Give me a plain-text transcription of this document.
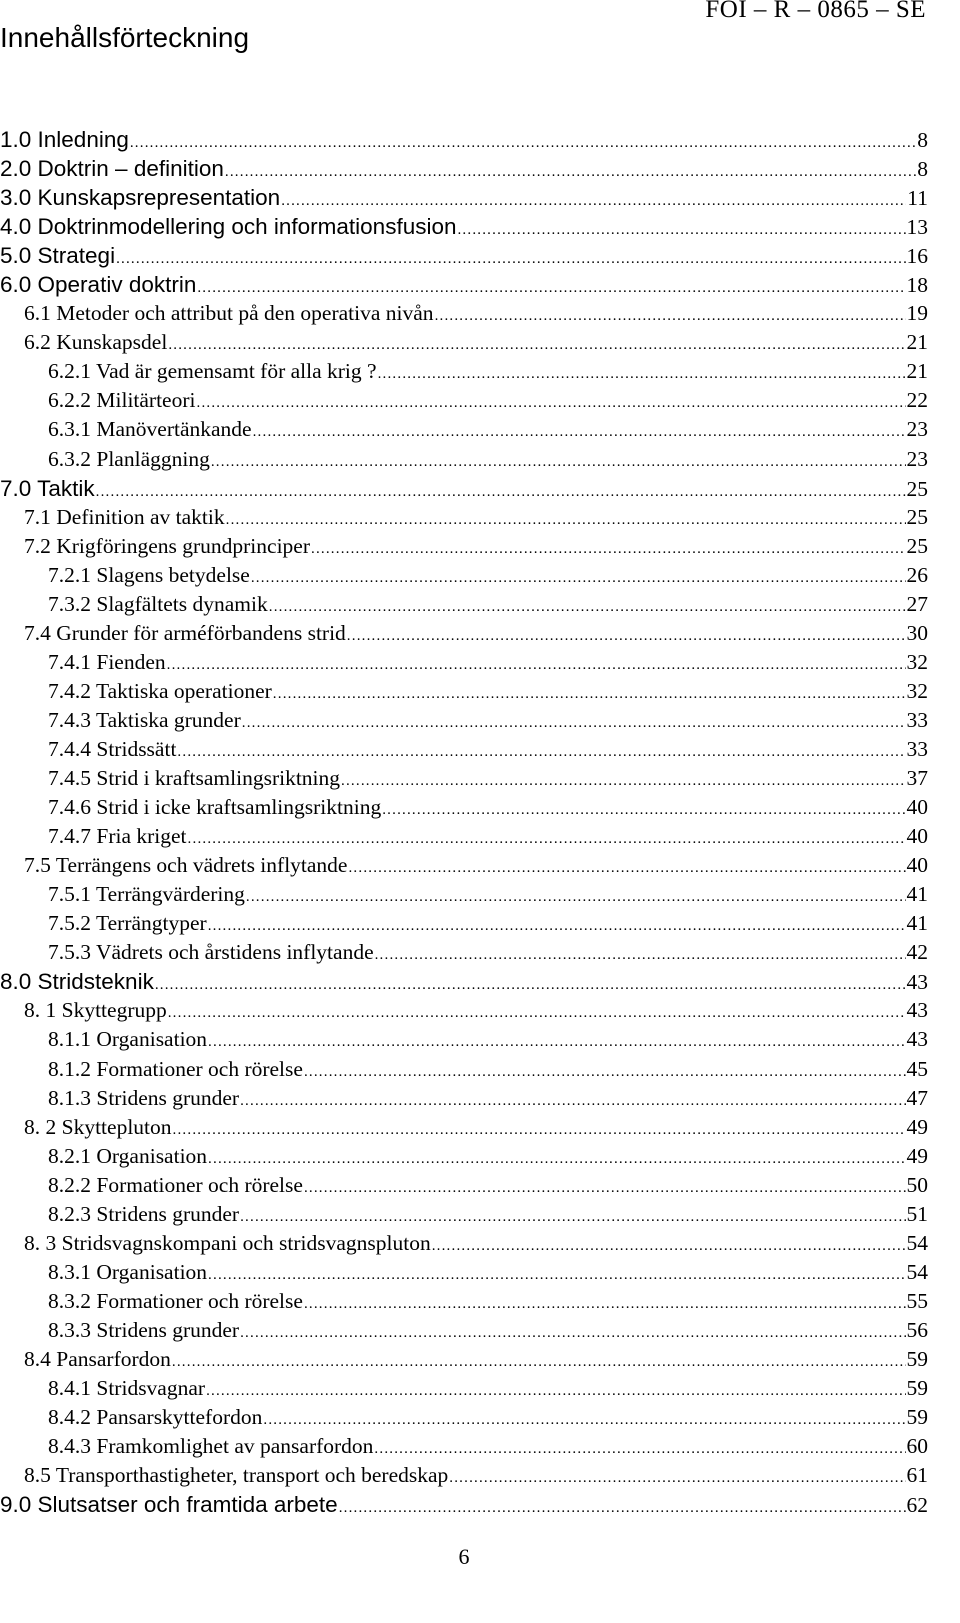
FOI – R – 0865 – SE
Innehållsförteckning
1.0 Inledning .....	8
2.0 Doktrin – definition .....	8
3.0 Kunskapsrepresentation .....	11
4.0 Doktrinmodellering och informationsfusion .....	13
5.0 Strategi .....	16
6.0 Operativ doktrin .....	18
6.1 Metoder och attribut på den operativa nivån .....	19
6.2 Kunskapsdel .....	21
6.2.1 Vad är gemensamt för alla krig ? .....	21
6.2.2 Militärteori .....	22
6.3.1 Manövertänkande .....	23
6.3.2 Planläggning .....	23
7.0 Taktik .....	25
7.1 Definition av taktik .....	25
7.2 Krigföringens grundprinciper .....	25
7.2.1 Slagens betydelse .....	26
7.3.2 Slagfältets dynamik .....	27
7.4 Grunder för arméförbandens strid .....	30
7.4.1 Fienden .....	32
7.4.2 Taktiska operationer .....	32
7.4.3 Taktiska grunder .....	33
7.4.4 Stridssätt .....	33
7.4.5 Strid i kraftsamlingsriktning .....	37
7.4.6 Strid i icke kraftsamlingsriktning .....	40
7.4.7 Fria kriget .....	40
7.5 Terrängens och vädrets inflytande .....	40
7.5.1 Terrängvärdering .....	41
7.5.2 Terrängtyper .....	41
7.5.3 Vädrets och årstidens inflytande .....	42
8.0 Stridsteknik .....	43
8. 1 Skyttegrupp .....	43
8.1.1 Organisation .....	43
8.1.2 Formationer och rörelse .....	45
8.1.3 Stridens grunder .....	47
8. 2 Skyttepluton .....	49
8.2.1 Organisation .....	49
8.2.2 Formationer och rörelse .....	50
8.2.3 Stridens grunder .....	51
8. 3 Stridsvagnskompani och stridsvagnspluton .....	54
8.3.1 Organisation .....	54
8.3.2 Formationer och rörelse .....	55
8.3.3 Stridens grunder .....	56
8.4 Pansarfordon .....	59
8.4.1 Stridsvagnar .....	59
8.4.2 Pansarskyttefordon .....	59
8.4.3 Framkomlighet av pansarfordon .....	60
8.5 Transporthastigheter, transport och beredskap .....	61
9.0 Slutsatser och framtida arbete .....	62
6
